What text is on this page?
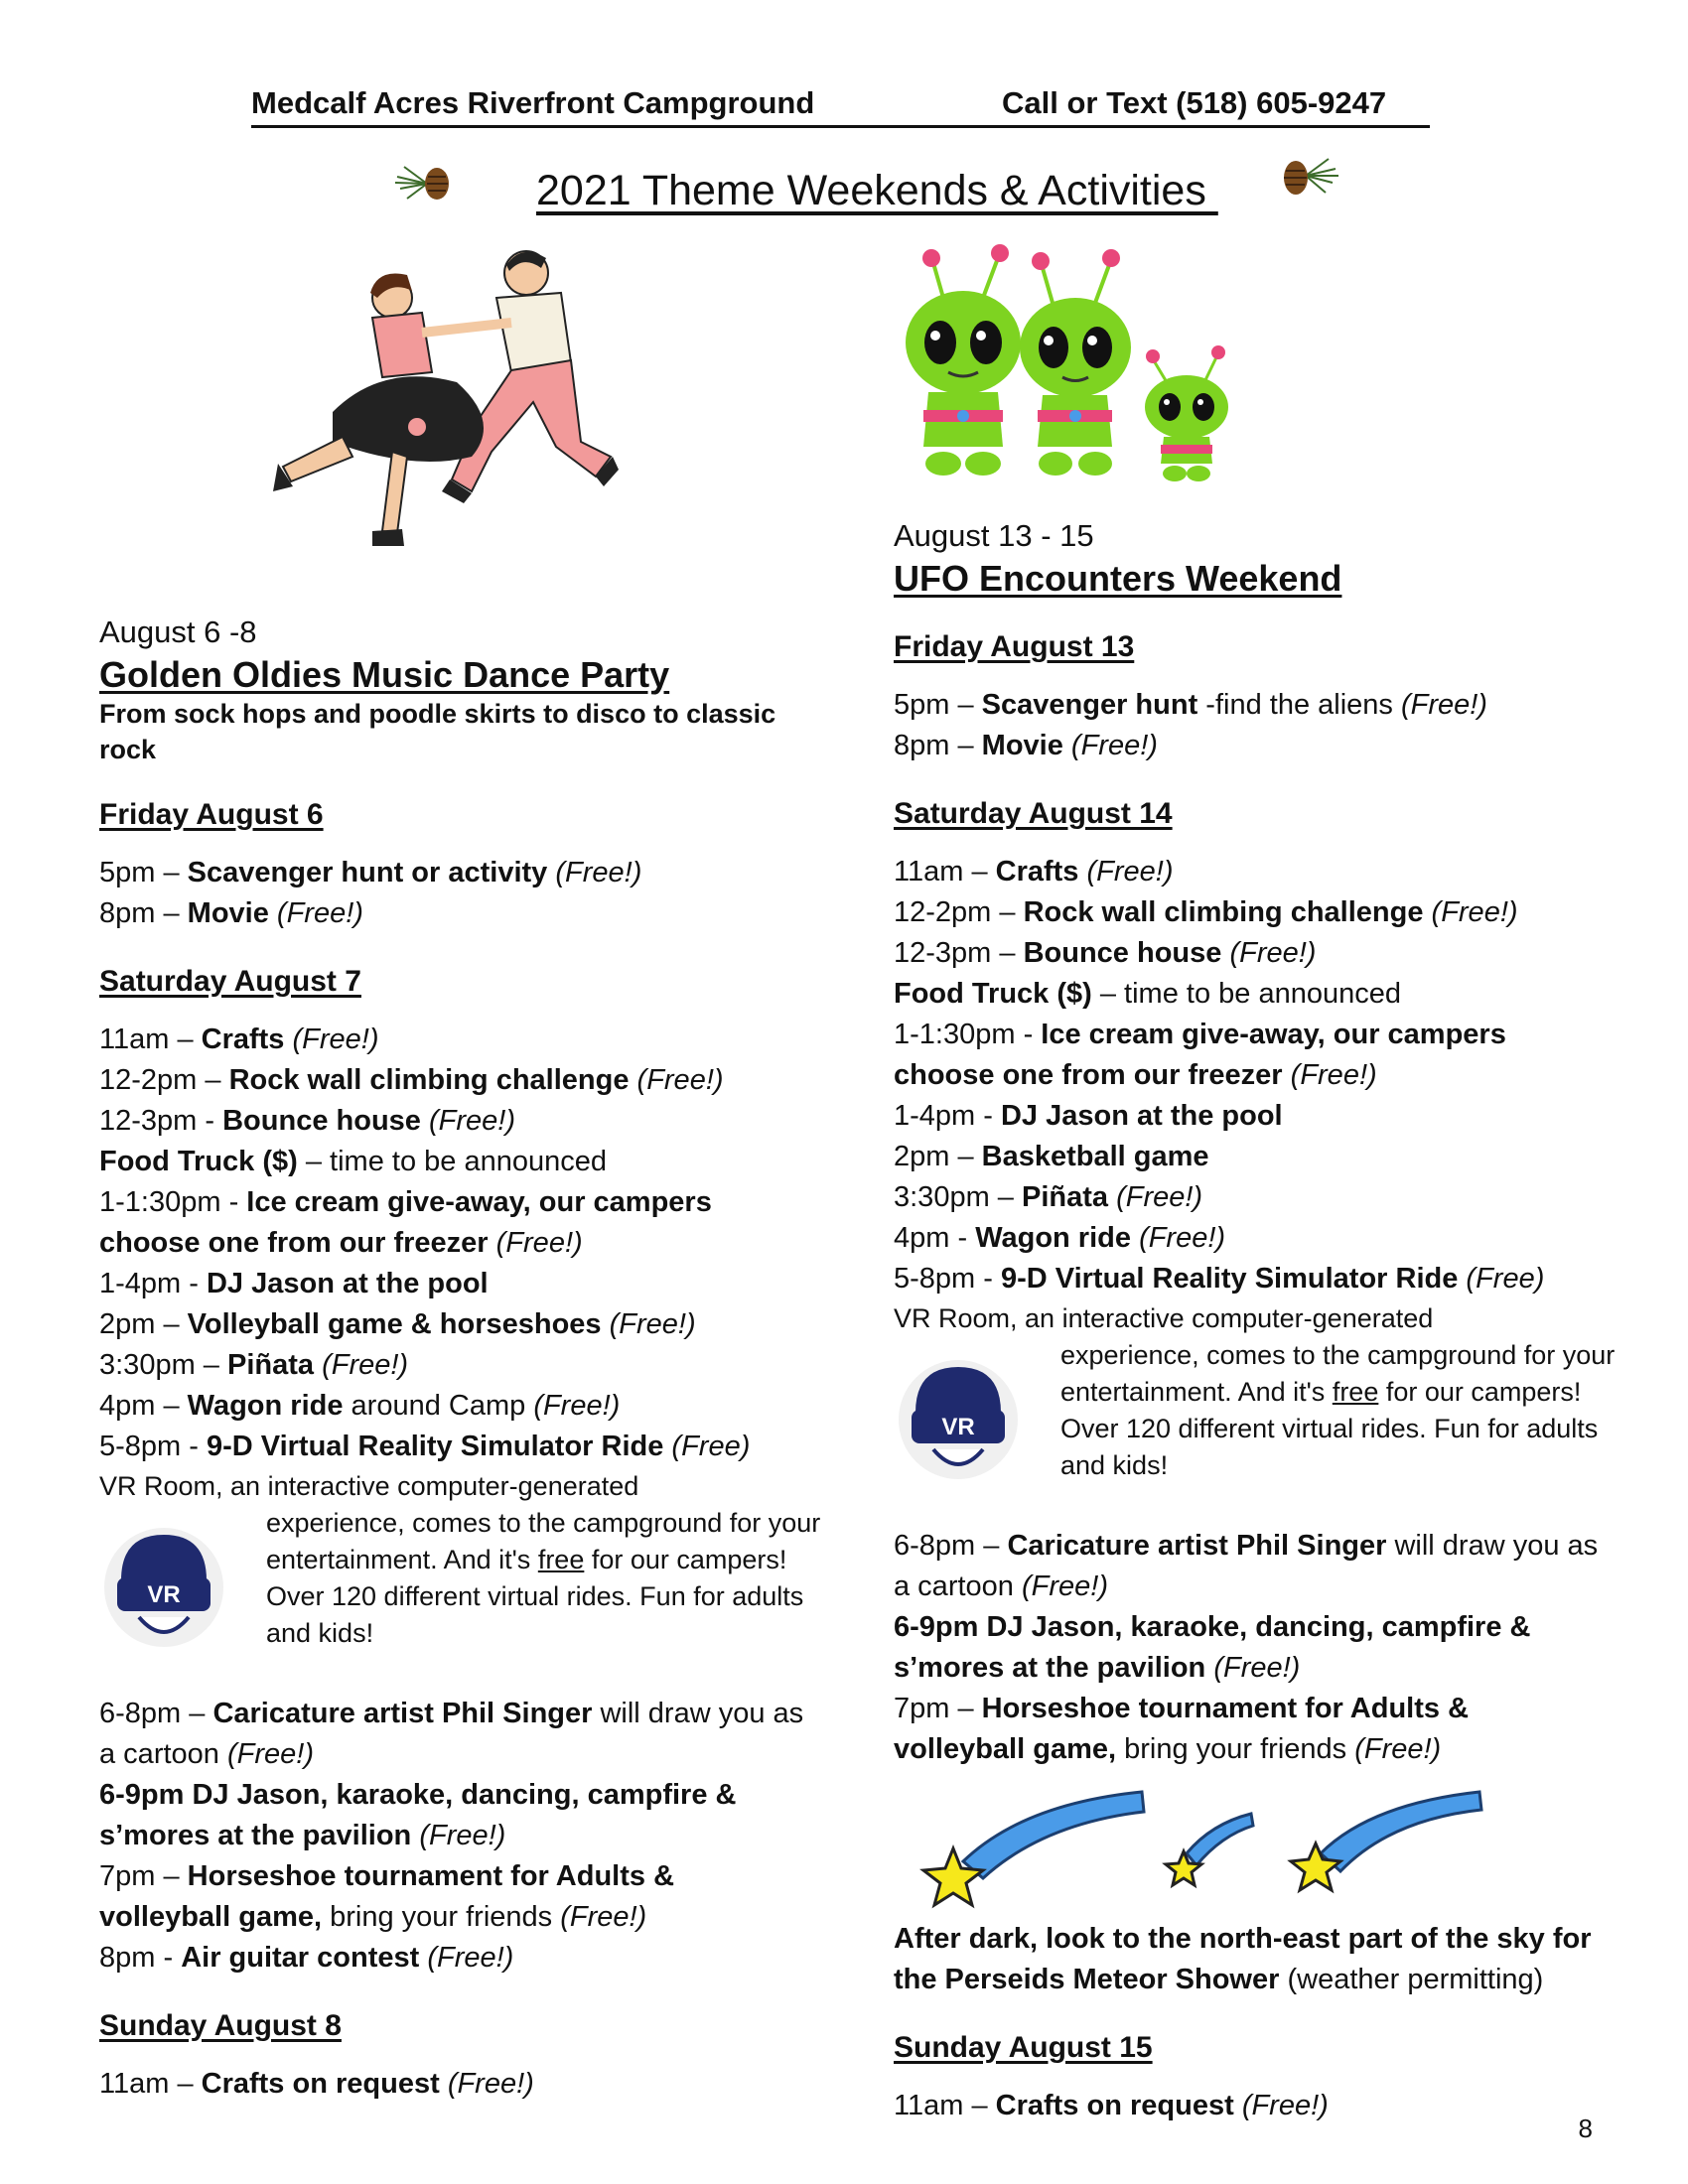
Medcalf Acres Riverfront Campground	Call or Text (518) 605-9247
2021 Theme Weekends & Activities
August 6 -8
Golden Oldies Music Dance Party
From sock hops and poodle skirts to disco to classic rock
Friday August 6
5pm – Scavenger hunt or activity (Free!)
8pm – Movie (Free!)
Saturday August 7
11am – Crafts (Free!)
12-2pm – Rock wall climbing challenge (Free!)
12-3pm - Bounce house (Free!)
Food Truck ($) – time to be announced
1-1:30pm - Ice cream give-away, our campers
choose one from our freezer (Free!)
1-4pm - DJ Jason at the pool
2pm – Volleyball game & horseshoes (Free!)
3:30pm – Piñata (Free!)
4pm – Wagon ride around Camp (Free!)
5-8pm - 9-D Virtual Reality Simulator Ride (Free)
VR Room, an interactive computer-generated
VR
experience, comes to the campground for your entertainment. And it's free for our campers! Over 120 different virtual rides. Fun for adults and kids!
6-8pm – Caricature artist Phil Singer will draw you as
a cartoon (Free!)
6-9pm DJ Jason, karaoke, dancing, campfire &
s’mores at the pavilion (Free!)
7pm – Horseshoe tournament for Adults &
volleyball game, bring your friends (Free!)
8pm - Air guitar contest (Free!)
Sunday August 8
11am – Crafts on request (Free!)
August 13 - 15
UFO Encounters Weekend
Friday August 13
5pm – Scavenger hunt -find the aliens (Free!)
8pm – Movie (Free!)
Saturday August 14
11am – Crafts (Free!)
12-2pm – Rock wall climbing challenge (Free!)
12-3pm – Bounce house (Free!)
Food Truck ($) – time to be announced
1-1:30pm - Ice cream give-away, our campers
choose one from our freezer (Free!)
1-4pm - DJ Jason at the pool
2pm – Basketball game
3:30pm – Piñata (Free!)
4pm - Wagon ride (Free!)
5-8pm - 9-D Virtual Reality Simulator Ride (Free)
VR Room, an interactive computer-generated
VR
experience, comes to the campground for your entertainment. And it's free for our campers! Over 120 different virtual rides. Fun for adults and kids!
6-8pm – Caricature artist Phil Singer will draw you as
a cartoon (Free!)
6-9pm DJ Jason, karaoke, dancing, campfire &
s’mores at the pavilion (Free!)
7pm – Horseshoe tournament for Adults &
volleyball game, bring your friends (Free!)
After dark, look to the north-east part of the sky for
the Perseids Meteor Shower (weather permitting)
Sunday August 15
11am – Crafts on request (Free!)
8
